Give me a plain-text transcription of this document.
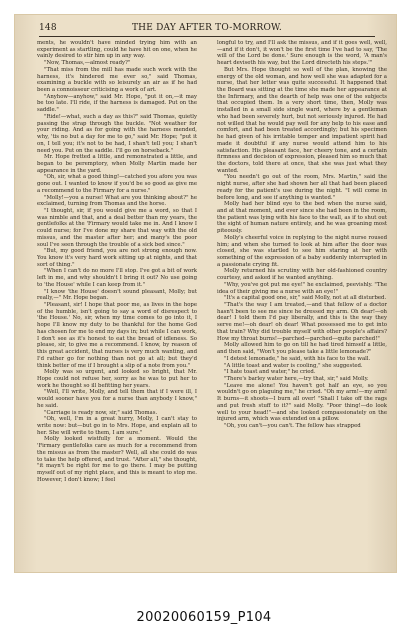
148	THE DAY AFTER TO-MORROW.

ments, he wouldn't have minded trying him with an experiment as startling, could he have hit on one, when he vainly desired to stir him up in any way.

"Now, Thomas,—almost ready?"

"That miss from the mill has made such work with the harness, it's hindered me ever so," said Thomas, examining a buckle with so leisurely an air as if he had been a connoisseur criticising a work of art.

"Anyhow—anyhow," said Mr. Hope, "put it on,—it may be too late. I'll ride, if the harness is damaged. Put on the saddle."

"Ride!—what, such a day as this?" said Thomas, quietly passing the strap through the buckle. "Not weather for your riding. And as for going with the harness mended, why, 'tis no but a day for me to go," said Mr. Hope; "put it on, I tell you; it's not to be had, I shan't tell you; I shan't need you. Put on the saddle. I'll go on horseback."

Mr. Hope fretted a little, and remonstrated a little, and began to be peremptory, when Molly Martin made her appearance in the yard.

"Oh, sir, what a good thing!—catched you afore you was gone out. I wanted to know if you'd be so good as give me a recommend to the Firmary for a nurse."

"Molly!—you a nurse! What are you thinking about?" he exclaimed, turning from Thomas and the horse.

"I thought, sir, if you would give me a word, so that I was nimble and that, and a deal better than my years, the gentlefolks at the 'Firmary would take me in. And I know I could nurse; for I've done my share that way with the old missus, and the master after her; and many's the poor soul I've seen through the trouble of a sick bed since."

"But, my good friend, you are not strong enough now. You know it's very hard work sitting up at nights, and that sort of thing."

"When I can't do no more I'll stop. I've got a bit of work left in me, and why shouldn't I bring it out? No use going to 'the House' while I can keep from it."

"I know 'the House' doesn't sound pleasant, Molly; but really,—" Mr. Hope began.

"Pleasant, sir! I hope that poor me, as lives in the hope of the humble, isn't going to say a word of disrespect to 'the House.' No, sir, when my time comes to go into it, I hope I'll know my duty to be thankful for the home God has chosen for me to end my days in; but while I can work, I don't see as it's honest to eat the bread of idleness. So please, sir, to give me a recommend. I know, by reason of this great accident, that nurses is very much wanting, and I'd rather go for nothing than not go at all; but they'd think better of me if I brought a slip of a note from you."

Molly was so urgent, and looked so bright, that Mr. Hope could not refuse her, sorry as he was to put her to work he thought so ill befitting her years.

"Well, I'll write, Molly, and tell them that if I were ill, I would sooner have you for a nurse than anybody I know," he said.

"Carriage is ready now, sir," said Thomas.

"Oh, well, I'm in a great hurry, Molly, I can't stay to write now: but—but go in to Mrs. Hope, and explain all to her. She will write to them, I am sure."

Molly looked wistfully for a moment. Would the 'Firmary gentlefolks care as much for a recommend from the missus as from the master? Well, all she could do was to take the help offered, and trust. "After all," she thought, "it mayn't be right for me to go there. I may be putting myself out of my right place, and this is meant to stop me. However, I don't know; I feel

longful to try, and I'll ask the missus, and if it goes well, well,—and if it don't, it won't be the first time I've had to say, 'The will of the Lord be done.' Sure enough is the word, 'A man's heart deviseth his way, but the Lord directeth his steps.'"

But Mrs. Hope thought so well of the plan, knowing the energy of the old woman, and how well she was adapted for a nurse, that her letter was quite successful. It happened that the Board was sitting at the time she made her appearance at the Infirmary, and the dearth of help was one of the subjects that occupied them. In a very short time, then, Molly was installed in a small side single ward, where by a gentleman who had been severely hurt, but not seriously injured. He had not willed that he would pay well for any help to his ease and comfort, and had been treated accordingly; but his specimen he had given of his irritable temper and impatient spirit had made it doubtful if any nurse would attend him to his satisfaction. His pleasant face, her cheery tone, and a certain firmness and decision of expression, pleased him so much that the doctors, told there at once, that she was just what they wanted.

"You needn't go out of the room, Mrs. Martin," said the night nurse, after she had shown her all that had been placed ready for the patient's use during the night. "I will come in before long, and see if anything is wanted."

Molly had her blind eye to the bed when the nurse said, and at that moment, and ever since she had been in the room, the patient was lying with his face to the wall, as if to shut out the sight of human nature entirely, and he was groaning most piteously.

Molly's cheerful voice in replying to the night nurse roused him; and when she turned to look at him after the door was closed, she was startled to see him staring at her with something of the expression of a baby suddenly interrupted in a passionate crying fit.

Molly returned his scrutiny with her old-fashioned country courtesy, and asked if he wanted anything.

"Why, you've got put me eye!" he exclaimed, peevishly. "The idea of their giving me a nurse with an eye!"

"It's a capital good one, sir," said Molly, not at all disturbed.

"That's the way I am treated,—and that fellow of a doctor hasn't been to see me since he dressed my arm. Oh dear!—oh dear! I told them I'd pay liberally, and this is the way they serve me!—oh dear! oh dear! What possessed me to get into that train? Why did trouble myself with other people's affairs? How my throat burns!—parched—parched—quite parched!"

Molly allowed him to go on till he had tired himself a little, and then said, "Won't you please take a little lemonade?"

"I detest lemonade," he said, with his face to the wall.

"A little toast and water is cooling," she suggested.

"I hate toast and water," he cried.

"There's barley water here,—try that, sir," said Molly.

"Leave me alone! You haven't got half an eye, so you wouldn't go on plaguing me," he cried. "Oh my arm!—my arm! It burns—it shoots—I burn all over! "Shall I take off the rags and put fresh stuff to it?" said Molly. "Poor thing!—do look well to your head!"—and she looked compassionately on the injured arm, which was extended on a pillow.

"Oh, you can't—you can't. The fellow has strapped

20020060159_P104
